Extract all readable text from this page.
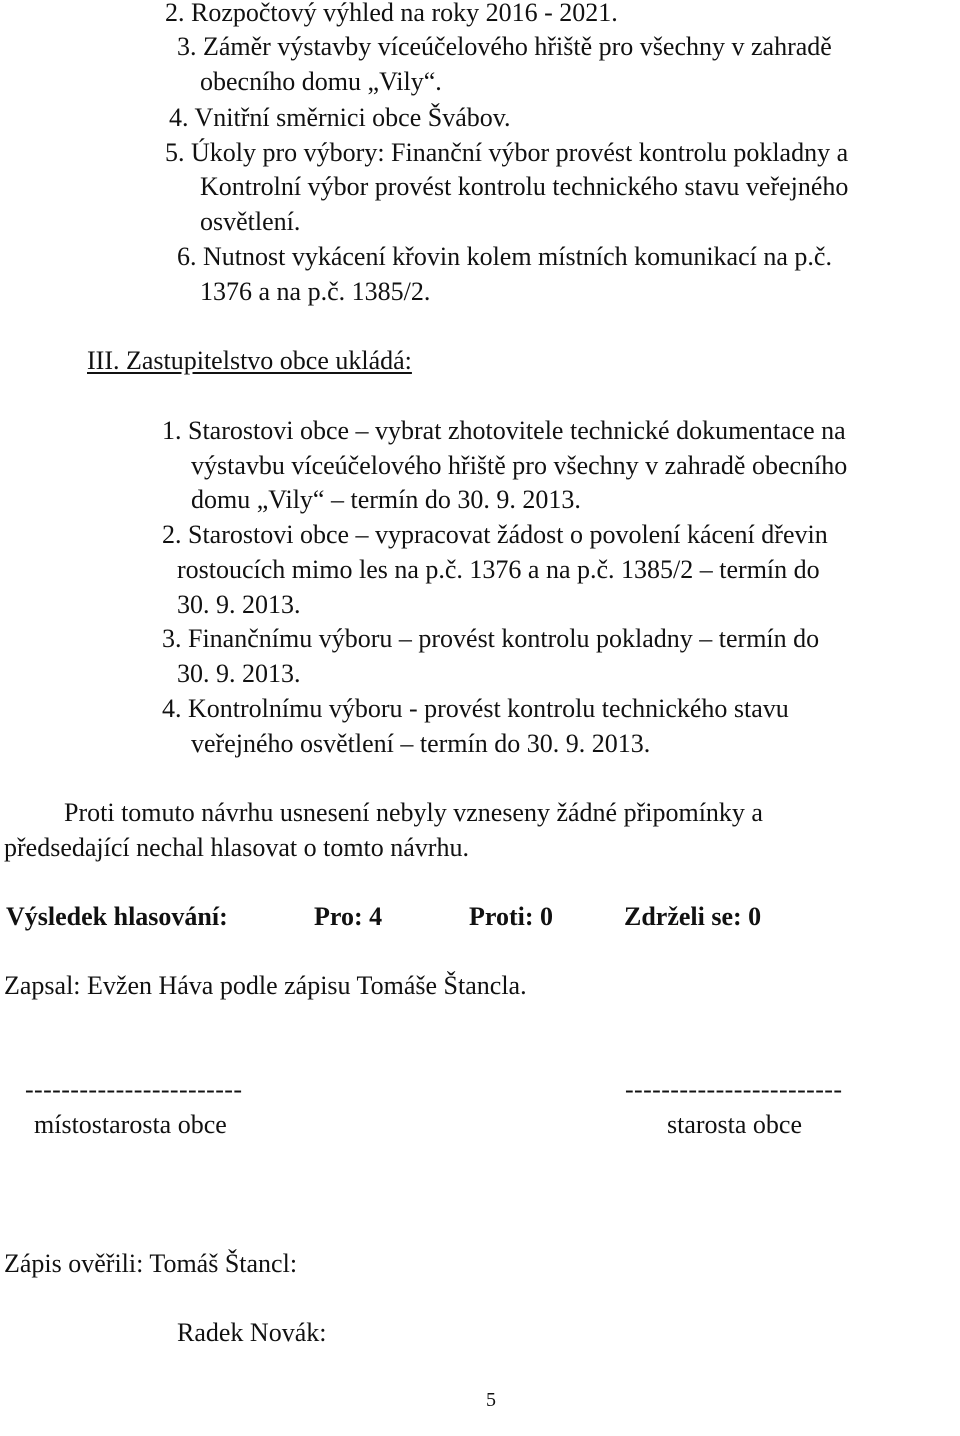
2. Rozpočtový výhled na roky 2016 - 2021.
3. Záměr výstavby víceúčelového hřiště pro všechny v zahradě
obecního domu „Vily“.
4. Vnitřní směrnici obce Švábov.
5. Úkoly pro výbory: Finanční výbor provést kontrolu pokladny a
Kontrolní výbor provést kontrolu technického stavu veřejného
osvětlení.
6. Nutnost vykácení křovin kolem místních komunikací na p.č.
1376 a na p.č. 1385/2.
III. Zastupitelstvo obce ukládá:
1. Starostovi obce – vybrat zhotovitele technické dokumentace na
výstavbu víceúčelového hřiště pro všechny v zahradě obecního
domu „Vily“ – termín do 30. 9. 2013.
2. Starostovi obce – vypracovat žádost o povolení kácení dřevin
rostoucích mimo les na p.č. 1376 a na p.č. 1385/2 – termín do
30. 9. 2013.
3. Finančnímu výboru – provést kontrolu pokladny – termín do
30. 9. 2013.
4. Kontrolnímu výboru - provést kontrolu technického stavu
veřejného osvětlení – termín do 30. 9. 2013.
Proti tomuto návrhu usnesení nebyly vzneseny žádné připomínky a
předsedající nechal hlasovat o tomto návrhu.
Výsledek hlasování:	Pro: 4	Proti: 0	Zdrželi se: 0
Zapsal: Evžen Háva podle zápisu Tomáše Štancla.
------------------------	------------------------
místostarosta obce	starosta obce
Zápis ověřili: Tomáš Štancl:
Radek Novák:
5
